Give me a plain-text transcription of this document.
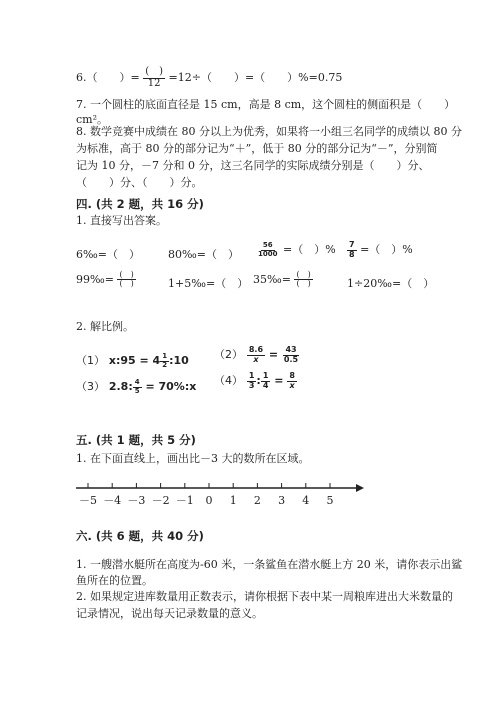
6.（　　）= $\frac{( )}{12} =12\div$（　　）=（　　）%=0.75
7. 一个圆柱的底面直径是 15 cm，高是 8 cm，这个圆柱的侧面积是（　　）
cm²。
8. 数学竞赛中成绩在 80 分以上为优秀，如果将一小组三名同学的成绩以 80 分
为标准，高于 80 分的部分记为“＋”，低于 80 分的部分记为“－”，分别简
记为 10 分，－7 分和 0 分，这三名同学的实际成绩分别是（　　）分、
（　　）分、（　　）分。
四. (共 2 题，共 16 分)
1. 直接写出答案。
6‰=（　）	80‰=（　） $\frac{56}{1000}$ =（　）% $\frac{7}{8}$ =（　）%
99‰= $\frac{( )}{( )}$	1+5‰=（　） 35‰= $\frac{( )}{( )}$	1÷20‰=（　）
2. 解比例。
（1） x:95 = $4 \frac{1}{2}$ :10 $(2) \frac{8.6}{x} = \frac{43}{0.5}$
（3） 2.8: $\frac{4}{5}$ = 70%:x $(4) \frac{1}{3}$ : $\frac{1}{4} = \frac{8}{x}$
五. (共 1 题，共 5 分)
1. 在下面直线上，画出比－3 大的数所在区域。
－5 －4 －3 －2 －1 0 1 2 3 4 5
六. (共 6 题，共 40 分)
1. 一艘潜水艇所在高度为-60 米，一条鲨鱼在潜水艇上方 20 米，请你表示出鲨
鱼所在的位置。
2. 如果规定进库数量用正数表示，请你根据下表中某一周粮库进出大米数量的
记录情况，说出每天记录数量的意义。
